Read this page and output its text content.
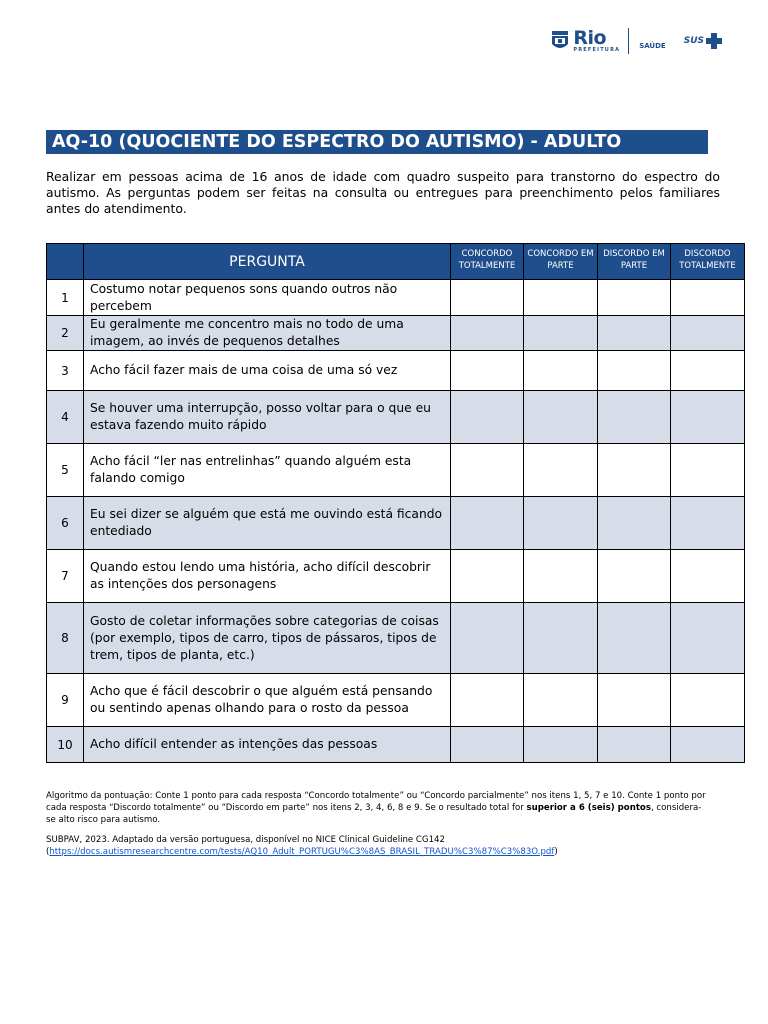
Rio
PREFEITURA	SAÚDE SUS
AQ-10 (QUOCIENTE DO ESPECTRO DO AUTISMO) - ADULTO
Realizar em pessoas acima de 16 anos de idade com quadro suspeito para transtorno do espectro do autismo. As perguntas podem ser feitas na consulta ou entregues para preenchimento pelos familiares antes do atendimento.
	PERGUNTA	CONCORDO TOTALMENTE	CONCORDO EM PARTE	DISCORDO EM PARTE	DISCORDO TOTALMENTE
1	Costumo notar pequenos sons quando outros não percebem				
2	Eu geralmente me concentro mais no todo de uma imagem, ao invés de pequenos detalhes				
3	Acho fácil fazer mais de uma coisa de uma só vez				
4	Se houver uma interrupção, posso voltar para o que eu estava fazendo muito rápido				
5	Acho fácil “ler nas entrelinhas” quando alguém esta falando comigo				
6	Eu sei dizer se alguém que está me ouvindo está ficando entediado				
7	Quando estou lendo uma história, acho difícil descobrir as intenções dos personagens				
8	Gosto de coletar informações sobre categorias de coisas (por exemplo, tipos de carro, tipos de pássaros, tipos de trem, tipos de planta, etc.)				
9	Acho que é fácil descobrir o que alguém está pensando ou sentindo apenas olhando para o rosto da pessoa				
10	Acho difícil entender as intenções das pessoas				
Algoritmo da pontuação: Conte 1 ponto para cada resposta “Concordo totalmente” ou “Concordo parcialmente” nos itens 1, 5, 7 e 10. Conte 1 ponto por cada resposta “Discordo totalmente” ou “Discordo em parte” nos itens 2, 3, 4, 6, 8 e 9. Se o resultado total for superior a 6 (seis) pontos, considera-se alto risco para autismo.
SUBPAV, 2023. Adaptado da versão portuguesa, disponível no NICE Clinical Guideline CG142
(https://docs.autismresearchcentre.com/tests/AQ10_Adult_PORTUGU%C3%8AS_BRASIL_TRADU%C3%87%C3%83O.pdf)
